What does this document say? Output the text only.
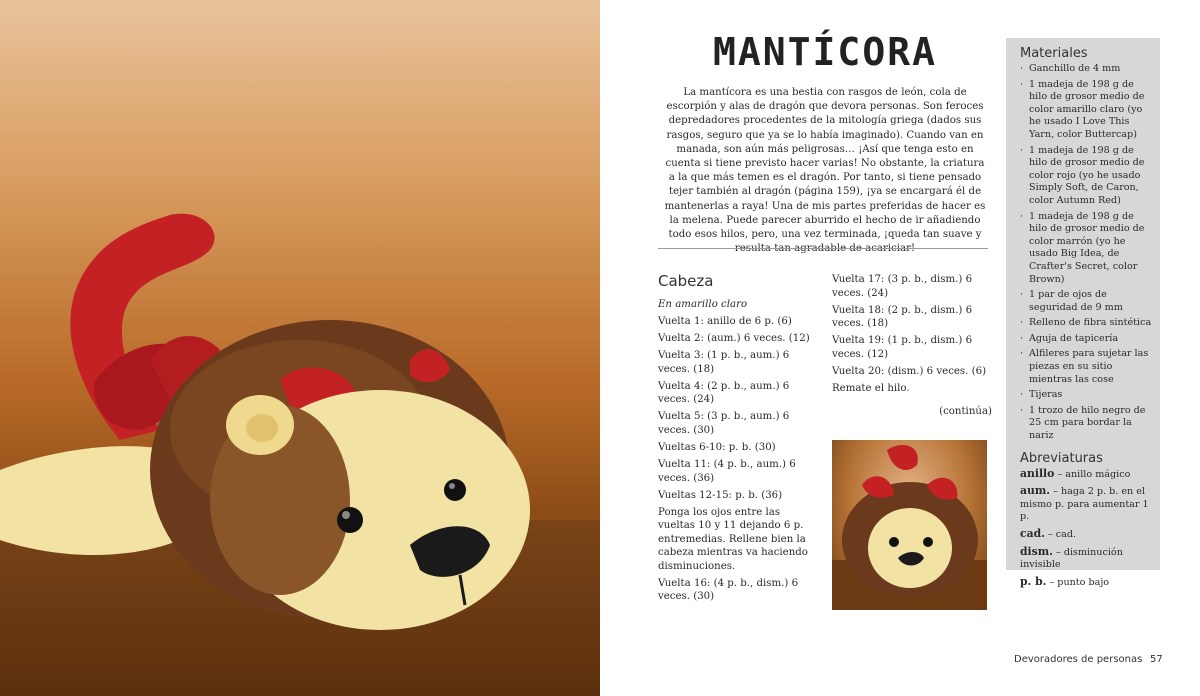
MANTÍCORA
La mantícora es una bestia con rasgos de león, cola de escorpión y alas de dragón que devora personas. Son feroces depredadores procedentes de la mitología griega (dados sus rasgos, seguro que ya se lo había imaginado). Cuando van en manada, son aún más peligrosas… ¡Así que tenga esto en cuenta si tiene previsto hacer varias! No obstante, la criatura a la que más temen es el dragón. Por tanto, si tiene pensado tejer también al dragón (página 159), ¡ya se encargará él de mantenerlas a raya! Una de mis partes preferidas de hacer es la melena. Puede parecer aburrido el hecho de ir añadiendo todo esos hilos, pero, una vez terminada, ¡queda tan suave y resulta tan agradable de acariciar!
Cabeza
En amarillo claro
Vuelta 1: anillo de 6 p. (6)
Vuelta 2: (aum.) 6 veces. (12)
Vuelta 3: (1 p. b., aum.) 6 veces. (18)
Vuelta 4: (2 p. b., aum.) 6 veces. (24)
Vuelta 5: (3 p. b., aum.) 6 veces. (30)
Vueltas 6-10: p. b. (30)
Vuelta 11: (4 p. b., aum.) 6 veces. (36)
Vueltas 12-15: p. b. (36)
Ponga los ojos entre las vueltas 10 y 11 dejando 6 p. entremedias. Rellene bien la cabeza mientras va haciendo disminuciones.
Vuelta 16: (4 p. b., dism.) 6 veces. (30)
Vuelta 17: (3 p. b., dism.) 6 veces. (24)
Vuelta 18: (2 p. b., dism.) 6 veces. (18)
Vuelta 19: (1 p. b., dism.) 6 veces. (12)
Vuelta 20: (dism.) 6 veces. (6)
Remate el hilo.
(continúa)
Materiales
· Ganchillo de 4 mm
· 1 madeja de 198 g de hilo de grosor medio de color amarillo claro (yo he usado I Love This Yarn, color Buttercap)
· 1 madeja de 198 g de hilo de grosor medio de color rojo (yo he usado Simply Soft, de Caron, color Autumn Red)
· 1 madeja de 198 g de hilo de grosor medio de color marrón (yo he usado Big Idea, de Crafter's Secret, color Brown)
· 1 par de ojos de seguridad de 9 mm
· Relleno de fibra sintética
· Aguja de tapicería
· Alfileres para sujetar las piezas en su sitio mientras las cose
· Tijeras
· 1 trozo de hilo negro de 25 cm para bordar la nariz
Abreviaturas
anillo – anillo mágico
aum. – haga 2 p. b. en el mismo p. para aumentar 1 p.
cad. – cad.
dism. – disminución invisible
p. b. – punto bajo
Devoradores de personas 57
